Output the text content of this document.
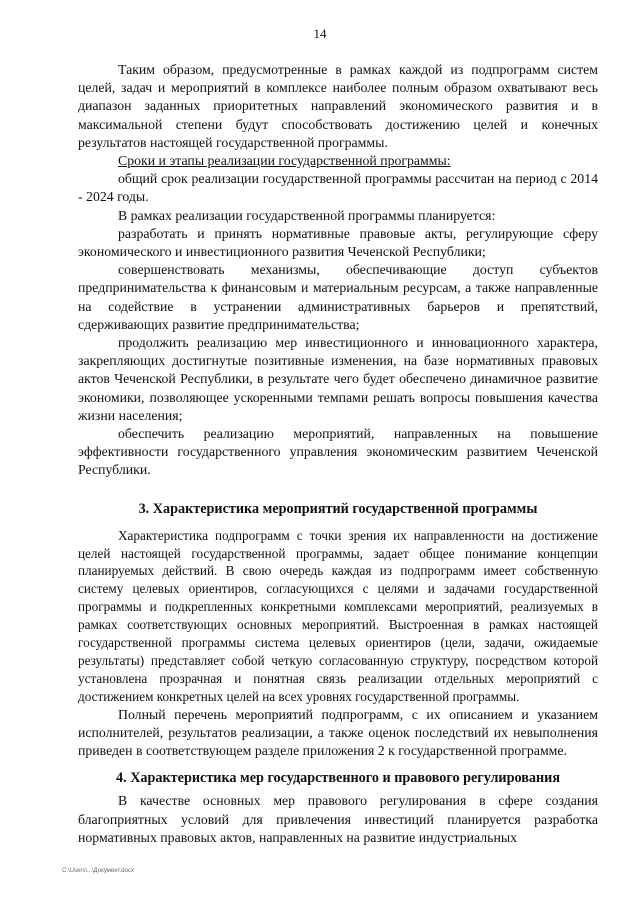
14

Таким образом, предусмотренные в рамках каждой из подпрограмм систем целей, задач и мероприятий в комплексе наиболее полным образом охватывают весь диапазон заданных приоритетных направлений экономического развития и в максимальной степени будут способствовать достижению целей и конечных результатов настоящей государственной программы.

Сроки и этапы реализации государственной программы:

общий срок реализации государственной программы рассчитан на период с 2014 - 2024 годы.

В рамках реализации государственной программы планируется:

разработать и принять нормативные правовые акты, регулирующие сферу экономического и инвестиционного развития Чеченской Республики;

совершенствовать механизмы, обеспечивающие доступ субъектов предпринимательства к финансовым и материальным ресурсам, а также направленные на содействие в устранении административных барьеров и препятствий, сдерживающих развитие предпринимательства;

продолжить реализацию мер инвестиционного и инновационного характера, закрепляющих достигнутые позитивные изменения, на базе нормативных правовых актов Чеченской Республики, в результате чего будет обеспечено динамичное развитие экономики, позволяющее ускоренными темпами решать вопросы повышения качества жизни населения;

обеспечить реализацию мероприятий, направленных на повышение эффективности государственного управления экономическим развитием Чеченской Республики.

3. Характеристика мероприятий государственной программы

Характеристика подпрограмм с точки зрения их направленности на достижение целей настоящей государственной программы, задает общее понимание концепции планируемых действий. В свою очередь каждая из подпрограмм имеет собственную систему целевых ориентиров, согласующихся с целями и задачами государственной программы и подкрепленных конкретными комплексами мероприятий, реализуемых в рамках соответствующих основных мероприятий. Выстроенная в рамках настоящей государственной программы система целевых ориентиров (цели, задачи, ожидаемые результаты) представляет собой четкую согласованную структуру, посредством которой установлена прозрачная и понятная связь реализации отдельных мероприятий с достижением конкретных целей на всех уровнях государственной программы.

Полный перечень мероприятий подпрограмм, с их описанием и указанием исполнителей, результатов реализации, а также оценок последствий их невыполнения приведен в соответствующем разделе приложения 2 к государственной программе.

4. Характеристика мер государственного и правового регулирования

В качестве основных мер правового регулирования в сфере создания благоприятных условий для привлечения инвестиций планируется разработка нормативных правовых актов, направленных на развитие индустриальных

C:\Users\...\Документ.docx
